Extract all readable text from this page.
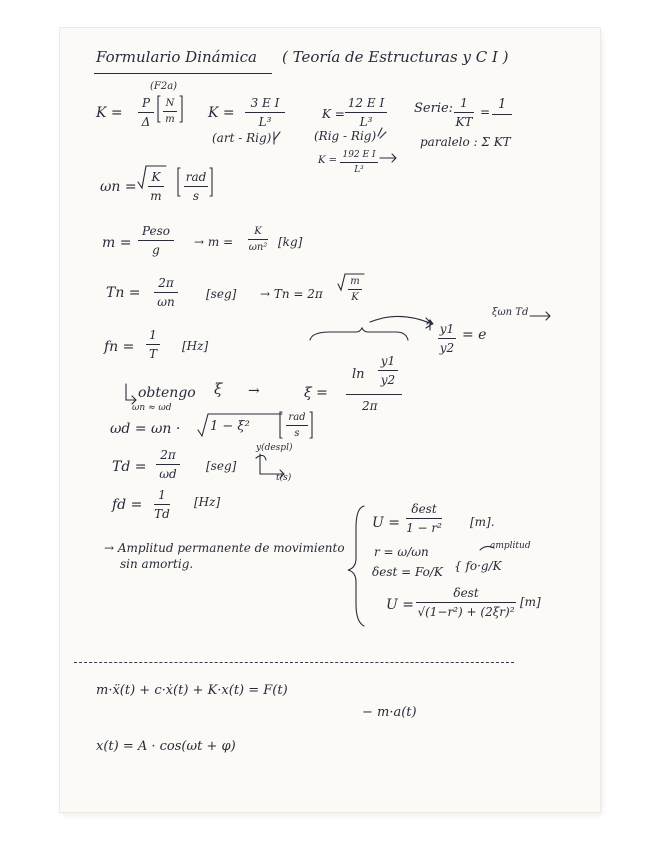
Formulario Dinámica ( Teoría de Estructuras y C I )
(F2a)
K =
P
Δ
N
m K =
3 E I
L³
(art - Rig)
K =
12 E I
L³
(Rig - Rig)
K = 192 E I
L³
Serie: 1
KT
= 1
paralelo : Σ KT
ωn =
K
m
rad
s
m =
Peso
g
→ m =
K
ωn² [kg]
Tn =
2π
ωn
[seg] → Tn = 2π
m
K
fn =
1
T
[Hz]
y1
y2
= e
ξωn Td
obtengo
ωn ≈ ωd
ξ →	ξ =
ln
y1
y2
2π
ωd = ωn · 1 − ξ²
rad
s
Td =
2π
ωd
[seg]
y(despl)
t(s)
fd =
1
Td
[Hz]
→ Amplitud permanente de movimiento
sin amortig.
U =
δest
1 − r² [m].
r = ω/ωn
δest = Fo/K { fo·g/K
amplitud
U =
δest
√(1−r²) + (2ξr)²
[m]
m·ẍ(t) + c·ẋ(t) + K·x(t) = F(t)
− m·a(t)
x(t) = A · cos(ωt + φ)
